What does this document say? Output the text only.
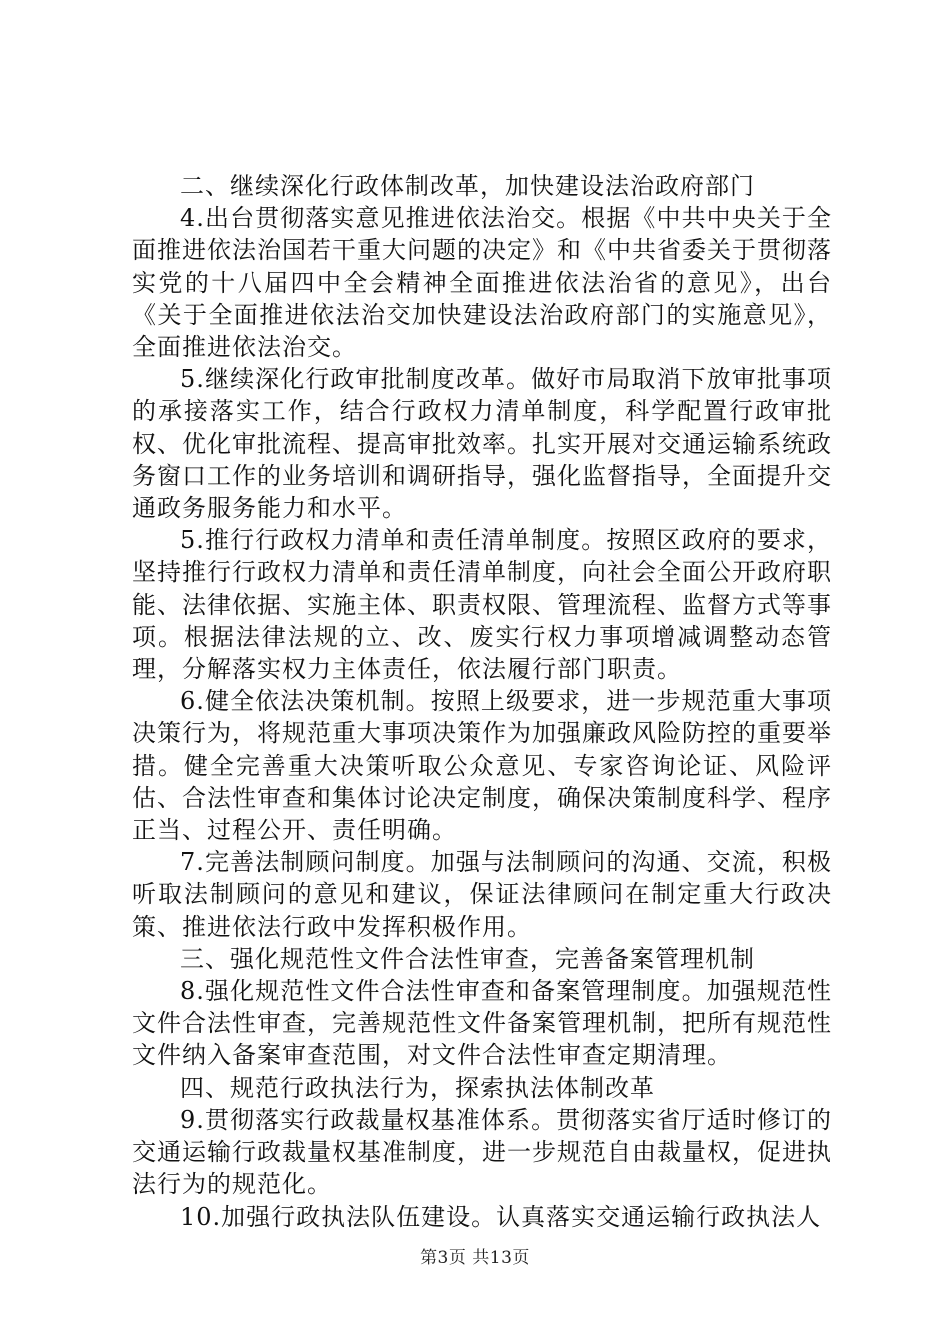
二、继续深化行政体制改革，加快建设法治政府部门

4.出台贯彻落实意见推进依法治交。根据《中共中央关于全面推进依法治国若干重大问题的决定》和《中共省委关于贯彻落实党的十八届四中全会精神全面推进依法治省的意见》，出台《关于全面推进依法治交加快建设法治政府部门的实施意见》，全面推进依法治交。

5.继续深化行政审批制度改革。做好市局取消下放审批事项的承接落实工作，结合行政权力清单制度，科学配置行政审批权、优化审批流程、提高审批效率。扎实开展对交通运输系统政务窗口工作的业务培训和调研指导，强化监督指导，全面提升交通政务服务能力和水平。

5.推行行政权力清单和责任清单制度。按照区政府的要求，坚持推行行政权力清单和责任清单制度，向社会全面公开政府职能、法律依据、实施主体、职责权限、管理流程、监督方式等事项。根据法律法规的立、改、废实行权力事项增减调整动态管理，分解落实权力主体责任，依法履行部门职责。

6.健全依法决策机制。按照上级要求，进一步规范重大事项决策行为，将规范重大事项决策作为加强廉政风险防控的重要举措。健全完善重大决策听取公众意见、专家咨询论证、风险评估、合法性审查和集体讨论决定制度，确保决策制度科学、程序正当、过程公开、责任明确。

7.完善法制顾问制度。加强与法制顾问的沟通、交流，积极听取法制顾问的意见和建议，保证法律顾问在制定重大行政决策、推进依法行政中发挥积极作用。

三、强化规范性文件合法性审查，完善备案管理机制

8.强化规范性文件合法性审查和备案管理制度。加强规范性文件合法性审查，完善规范性文件备案管理机制，把所有规范性文件纳入备案审查范围，对文件合法性审查定期清理。

四、规范行政执法行为，探索执法体制改革

9.贯彻落实行政裁量权基准体系。贯彻落实省厅适时修订的交通运输行政裁量权基准制度，进一步规范自由裁量权，促进执法行为的规范化。

10.加强行政执法队伍建设。认真落实交通运输行政执法人

第3页 共13页
